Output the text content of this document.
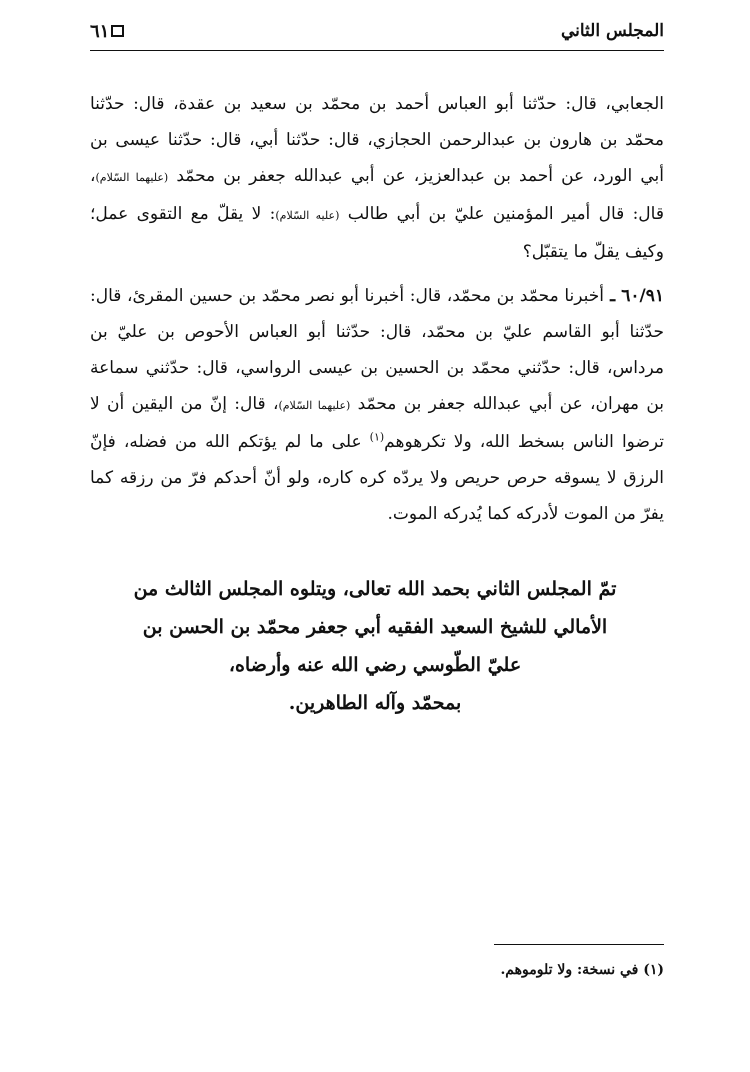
المجلس الثاني
٦١

الجعابي، قال: حدّثنا أبو العباس أحمد بن محمّد بن سعيد بن عقدة، قال: حدّثنا محمّد بن هارون بن عبدالرحمن الحجازي، قال: حدّثنا أبي، قال: حدّثنا عيسى بن أبي الورد، عن أحمد بن عبدالعزيز، عن أبي عبدالله جعفر بن محمّد (عليهما السّلام)، قال: قال أمير المؤمنين عليّ بن أبي طالب (عليه السّلام): لا يقلّ مع التقوى عمل؛ وكيف يقلّ ما يتقبّل؟

٦٠/٩١ ـ أخبرنا محمّد بن محمّد، قال: أخبرنا أبو نصر محمّد بن حسين المقرئ، قال: حدّثنا أبو القاسم عليّ بن محمّد، قال: حدّثنا أبو العباس الأحوص بن عليّ بن مرداس، قال: حدّثني محمّد بن الحسين بن عيسى الرواسي، قال: حدّثني سماعة بن مهران، عن أبي عبدالله جعفر بن محمّد (عليهما السّلام)، قال: إنّ من اليقين أن لا ترضوا الناس بسخط الله، ولا تكرهوهم$^{(١)}$ على ما لم يؤتكم الله من فضله، فإنّ الرزق لا يسوقه حرص حريص ولا يردّه كره كاره، ولو أنّ أحدكم فرّ من رزقه كما يفرّ من الموت لأدركه كما يُدركه الموت.

تمّ المجلس الثاني بحمد الله تعالى، ويتلوه المجلس الثالث من

الأمالي للشيخ السعيد الفقيه أبي جعفر محمّد بن الحسن بن

عليّ الطّوسي رضي الله عنه وأرضاه،

بمحمّد وآله الطاهرين.

(١) في نسخة: ولا تلوموهم.
